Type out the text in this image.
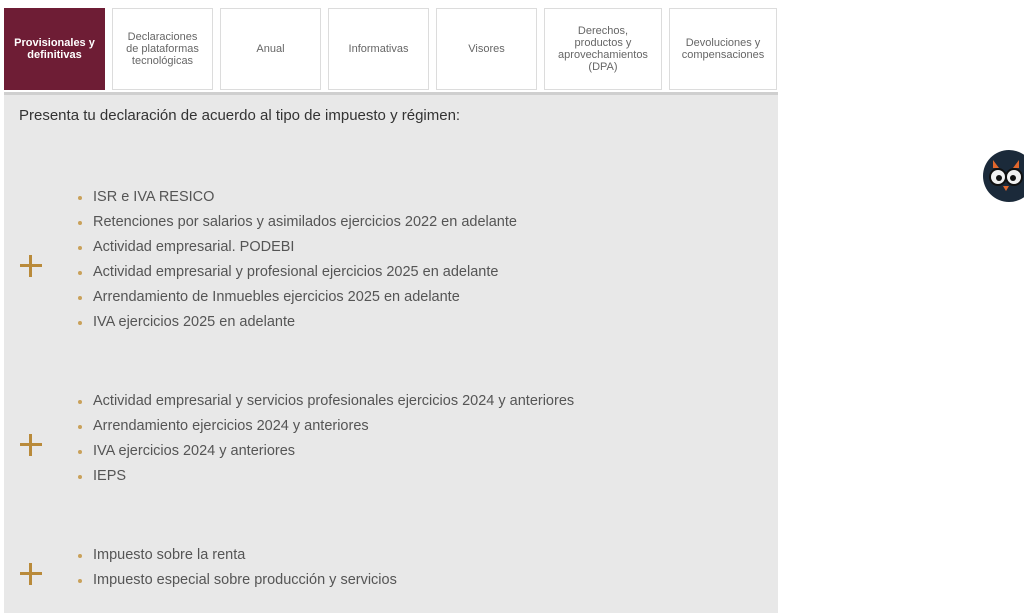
Provisionales y
definitivas
Declaraciones
de plataformas
tecnológicas
Anual	Informativas	Visores
Derechos,
productos y
aprovechamientos
(DPA)
Devoluciones y
compensaciones
Presenta tu declaración de acuerdo al tipo de impuesto y régimen:
ISR e IVA RESICO
Retenciones por salarios y asimilados ejercicios 2022 en adelante
Actividad empresarial. PODEBI
Actividad empresarial y profesional ejercicios 2025 en adelante
Arrendamiento de Inmuebles ejercicios 2025 en adelante
IVA ejercicios 2025 en adelante
Actividad empresarial y servicios profesionales ejercicios 2024 y anteriores
Arrendamiento ejercicios 2024 y anteriores
IVA ejercicios 2024 y anteriores
IEPS
Impuesto sobre la renta
Impuesto especial sobre producción y servicios
